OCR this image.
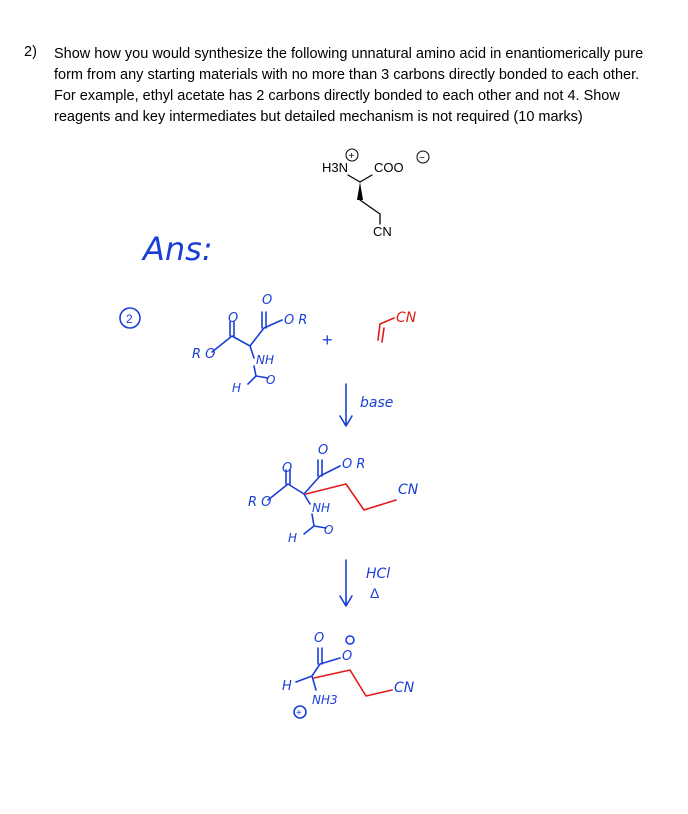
2) Show how you would synthesize the following unnatural amino acid in enantiomerically pure
form from any starting materials with no more than 3 carbons directly bonded to each other.
For example, ethyl acetate has 2 carbons directly bonded to each other and not 4. Show
reagents and key intermediates but detailed mechanism is not required (10 marks)
H3N
+
COO
−
CN
Ans:
2	O
R O
O
O R
NH
H
O
+
CN
base
O
R O
O
O R
NH
H
O
CN
HCl
Δ
O
O
H
NH3
+
CN
